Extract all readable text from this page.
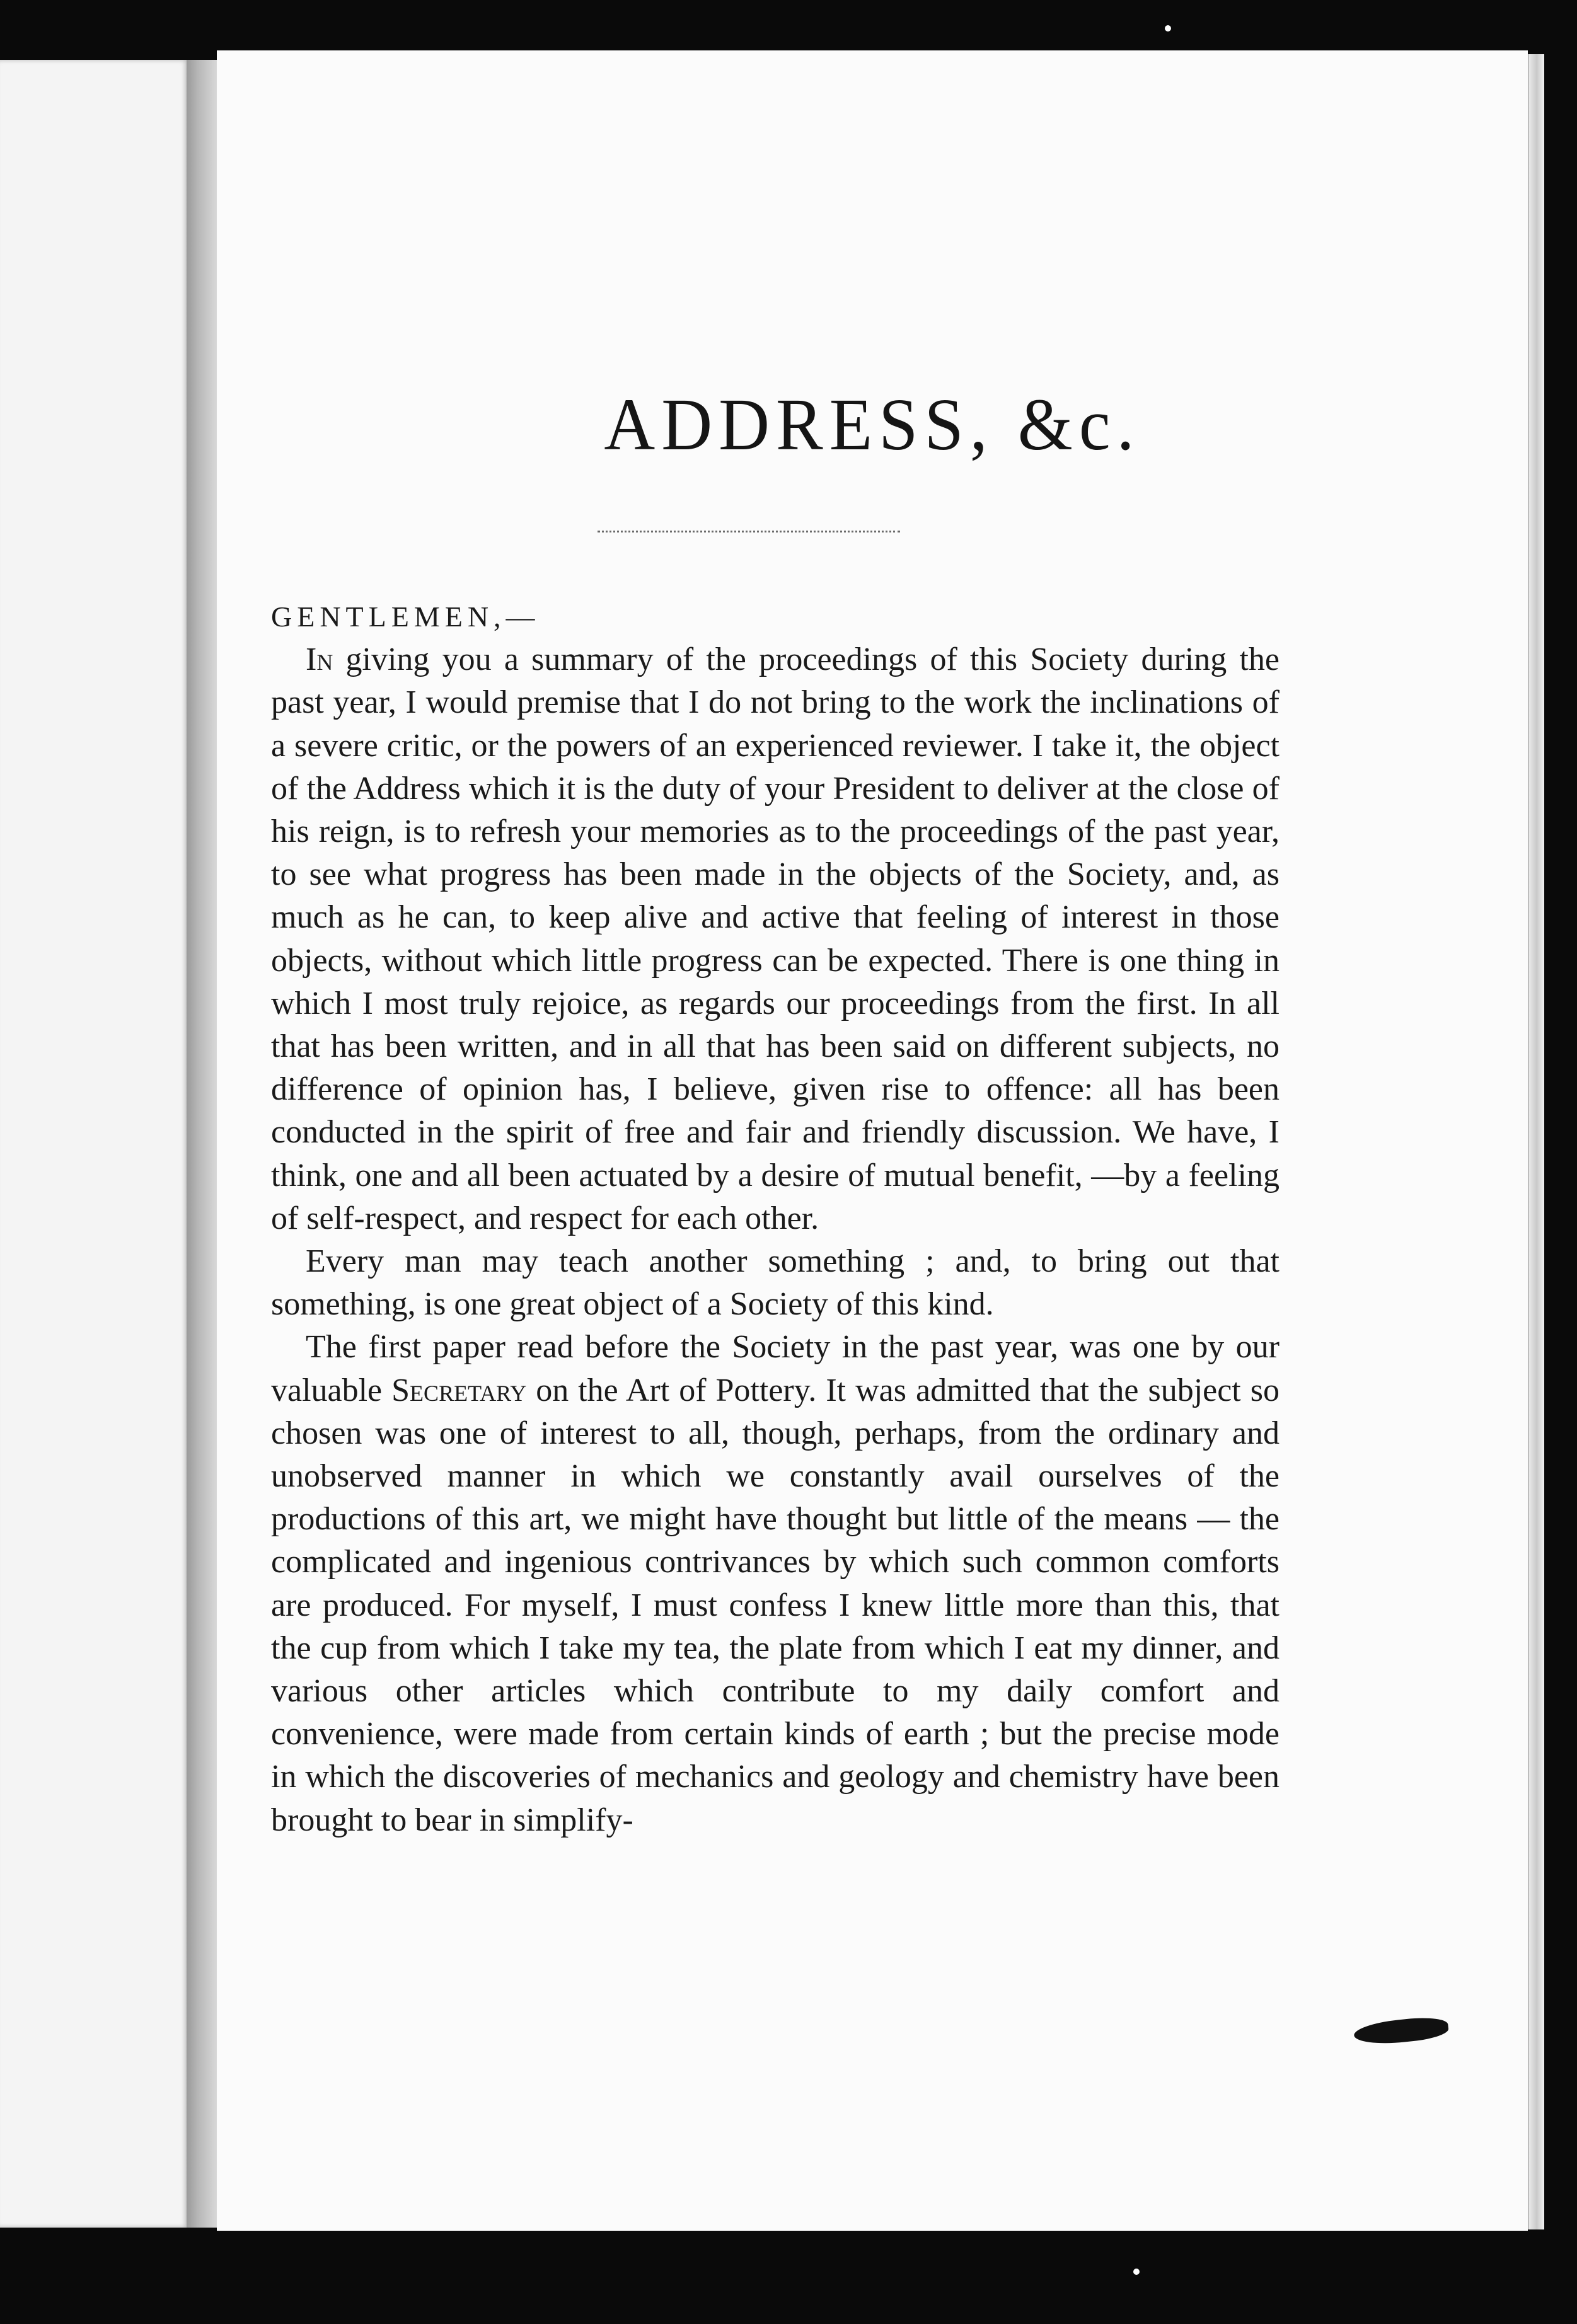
ADDRESS, &c.

GENTLEMEN,—

In giving you a summary of the proceedings of this Society during the past year, I would premise that I do not bring to the work the inclinations of a severe critic, or the powers of an experienced reviewer. I take it, the object of the Address which it is the duty of your President to deliver at the close of his reign, is to refresh your memories as to the proceedings of the past year, to see what progress has been made in the objects of the Society, and, as much as he can, to keep alive and active that feeling of interest in those objects, without which little progress can be expected. There is one thing in which I most truly rejoice, as regards our proceedings from the first. In all that has been written, and in all that has been said on different subjects, no difference of opinion has, I believe, given rise to offence: all has been conducted in the spirit of free and fair and friendly discussion. We have, I think, one and all been actuated by a desire of mutual benefit, —by a feeling of self-respect, and respect for each other.

Every man may teach another something ; and, to bring out that something, is one great object of a Society of this kind.

The first paper read before the Society in the past year, was one by our valuable Secretary on the Art of Pottery. It was admitted that the subject so chosen was one of interest to all, though, perhaps, from the ordinary and unobserved manner in which we constantly avail ourselves of the productions of this art, we might have thought but little of the means — the complicated and ingenious contrivances by which such common comforts are produced. For myself, I must confess I knew little more than this, that the cup from which I take my tea, the plate from which I eat my dinner, and various other articles which contribute to my daily comfort and convenience, were made from certain kinds of earth ; but the precise mode in which the discoveries of mechanics and geology and chemistry have been brought to bear in simplify-
